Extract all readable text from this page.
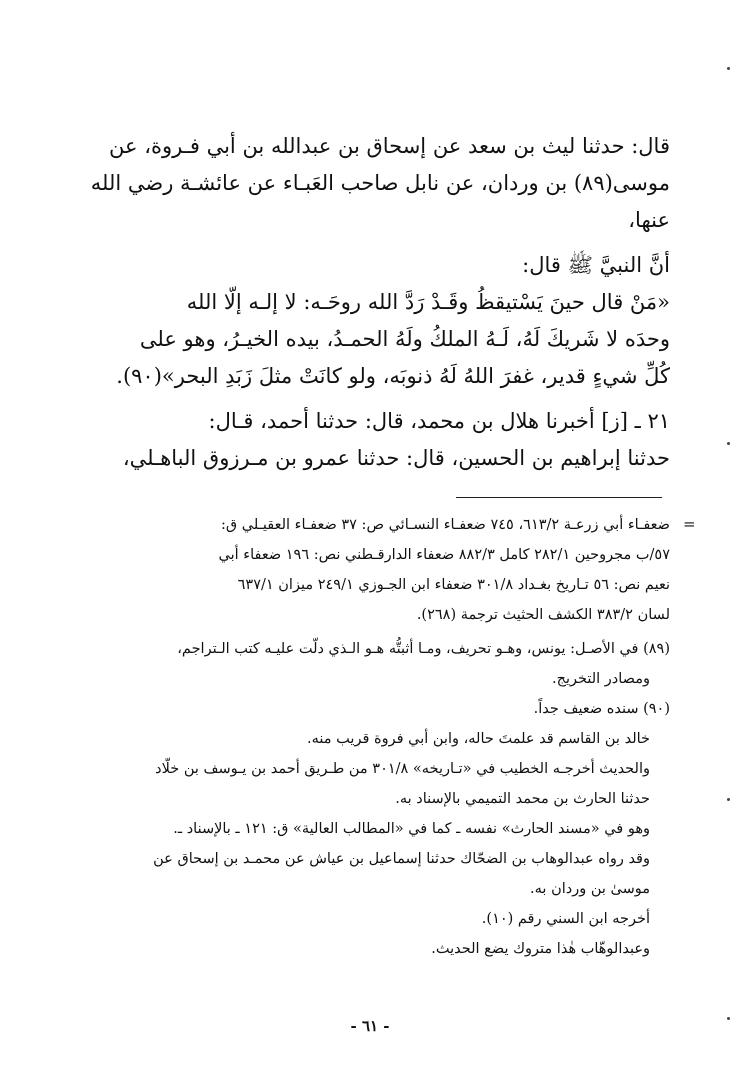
قال: حدثنا ليث بن سعد عن إسحاق بن عبدالله بن أبي فـروة، عن
موسى(٨٩) بن وردان، عن نابل صاحب العَبـاء عن عائشـة رضي الله
عنها،
أنَّ النبيَّ ﷺ قال:
«مَنْ قال حينَ يَسْتيقظُ وقَـدْ رَدَّ الله روحَـه: لا إلـه إلّا الله
وحدَه لا شَريكَ لَهُ، لَـهُ الملكُ ولَهُ الحمـدُ، بيده الخيـرُ، وهو على
كُلِّ شيءٍ قدير، غفرَ اللهُ لَهُ ذنوبَه، ولو كانَتْ مثلَ زَبَدِ البحر»(٩٠).
٢١ ـ [ز] أخبرنا هلال بن محمد، قال: حدثنا أحمد، قـال:
حدثنا إبراهيم بن الحسين، قال: حدثنا عمرو بن مـرزوق الباهـلي،
=
ضعفـاء أبي زرعـة ٦١٣/٢، ٧٤٥ ضعفـاء النسـائي ص: ٣٧ ضعفـاء العقيـلي ق:
٥٧/ب مجروحين ٢٨٢/١ كامل ٨٨٢/٣ ضعفاء الدارقـطني نص: ١٩٦ ضعفاء أبي
نعيم نص: ٥٦ تـاريخ بغـداد ٣٠١/٨ ضعفاء ابن الجـوزي ٢٤٩/١ ميزان ٦٣٧/١
لسان ٣٨٣/٢ الكشف الحثيث ترجمة (٢٦٨).
(٨٩) في الأصـل: يونس، وهـو تحريف، ومـا أثبتُّه هـو الـذي دلّت عليـه كتب الـتراجم،
ومصادر التخريج.
(٩٠) سنده ضعيف جداً.
خالد بن القاسم قد علمتَ حاله، وابن أبي فروة قريب منه.
والحديث أخرجـه الخطيب في «تـاريخه» ٣٠١/٨ من طـريق أحمد بن يـوسف بن خلّاد
حدثنا الحارث بن محمد التميمي بالإسناد به.
وهو في «مسند الحارث» نفسه ـ كما في «المطالب العالية» ق: ١٢١ ـ بالإسناد ـ.
وقد رواه عبدالوهاب بن الضحّاك حدثنا إسماعيل بن عياش عن محمـد بن إسحاق عن
موسىٰ بن وردان به.
أخرجه ابن السني رقم (١٠).
وعبدالوهّاب هٰذا متروك يضع الحديث.
- ٦١ -
